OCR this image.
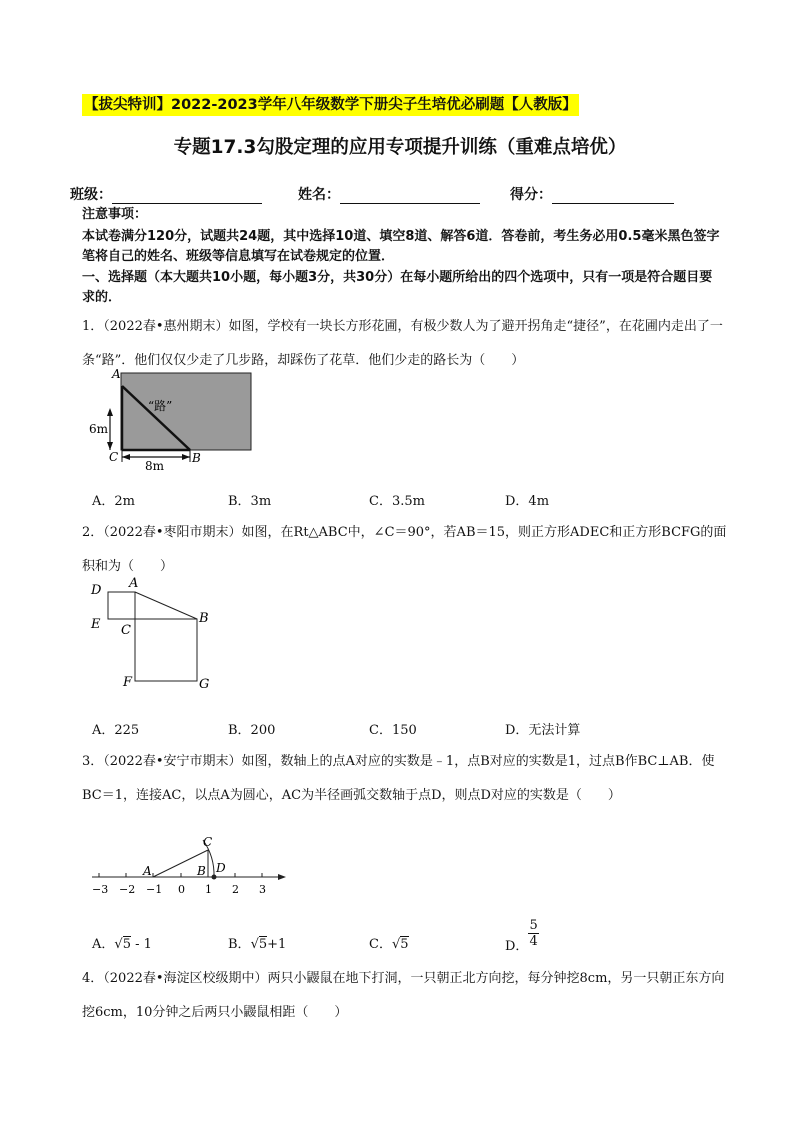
【拔尖特训】2022-2023学年八年级数学下册尖子生培优必刷题【人教版】
专题17.3勾股定理的应用专项提升训练（重难点培优）
班级：	姓名：	得分：
注意事项：
本试卷满分120分，试题共24题，其中选择10道、填空8道、解答6道．答卷前，考生务必用0.5毫米黑色签字笔将自己的姓名、班级等信息填写在试卷规定的位置．
一、选择题（本大题共10小题，每小题3分，共30分）在每小题所给出的四个选项中，只有一项是符合题目要求的．
1．（2022春•惠州期末）如图，学校有一块长方形花圃，有极少数人为了避开拐角走“捷径”，在花圃内走出了一条“路”．他们仅仅少走了几步路，却踩伤了花草．他们少走的路长为（　　）
A
6m
C
8m
B
“路”
A．2m	B．3m	C．3.5m	D．4m
2．（2022春•枣阳市期末）如图，在Rt△ABC中，∠C＝90°，若AB＝15，则正方形ADEC和正方形BCFG的面积和为（　　）
D A
E C
B
F	G
A．225	B．200	C．150	D．无法计算
3．（2022春•安宁市期末）如图，数轴上的点A对应的实数是﹣1，点B对应的实数是1，过点B作BC⊥AB．使BC＝1，连接AC，以点A为圆心，AC为半径画弧交数轴于点D，则点D对应的实数是（　　）
−3 −2 −1 0 1 2 3
C
A	B D
A．√5 - 1	B．√5+1	C．√5	D． $\frac{5}{4}$
4．（2022春•海淀区校级期中）两只小鼹鼠在地下打洞，一只朝正北方向挖，每分钟挖8cm，另一只朝正东方向挖6cm，10分钟之后两只小鼹鼠相距（　　）
